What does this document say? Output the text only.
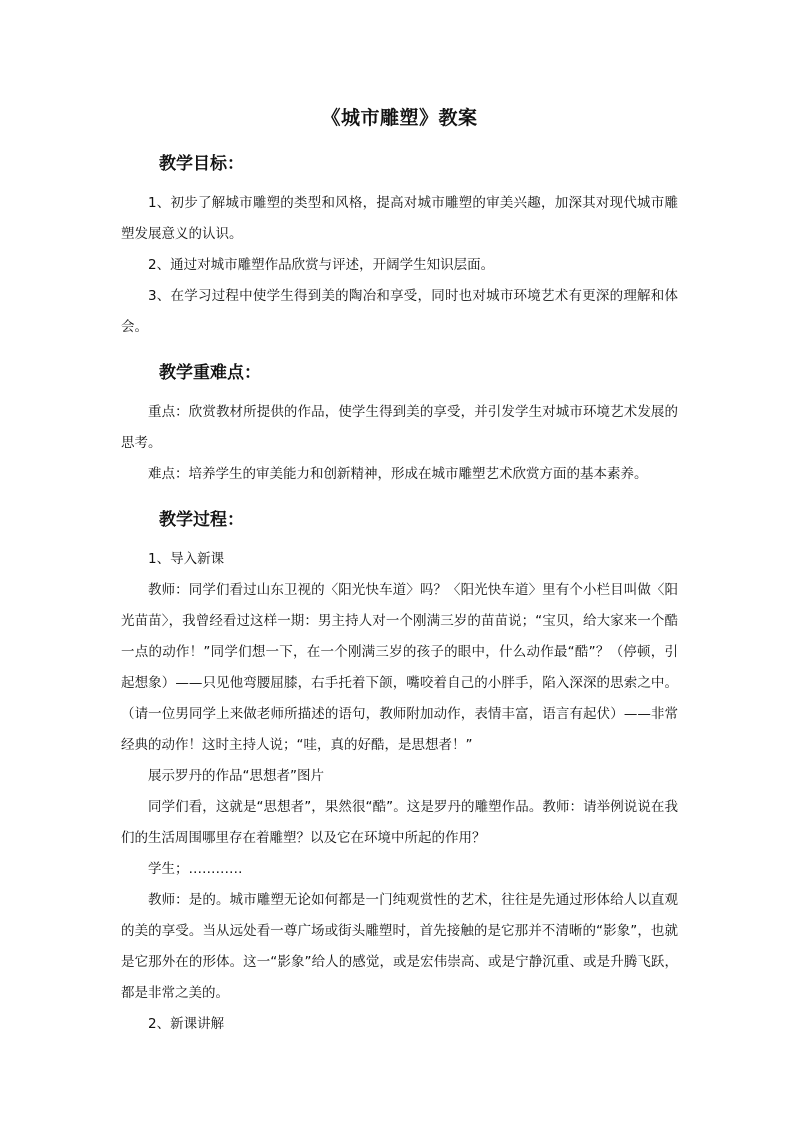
《城市雕塑》教案
教学目标：

1、初步了解城市雕塑的类型和风格，提高对城市雕塑的审美兴趣，加深其对现代城市雕塑发展意义的认识。

2、通过对城市雕塑作品欣赏与评述，开阔学生知识层面。

3、在学习过程中使学生得到美的陶冶和享受，同时也对城市环境艺术有更深的理解和体会。

教学重难点：

重点：欣赏教材所提供的作品，使学生得到美的享受，并引发学生对城市环境艺术发展的思考。

难点：培养学生的审美能力和创新精神，形成在城市雕塑艺术欣赏方面的基本素养。

教学过程：

1、导入新课

教师：同学们看过山东卫视的〈阳光快车道〉吗？〈阳光快车道〉里有个小栏目叫做〈阳光苗苗〉，我曾经看过这样一期：男主持人对一个刚满三岁的苗苗说；“宝贝，给大家来一个酷一点的动作！”同学们想一下，在一个刚满三岁的孩子的眼中，什么动作最“酷”？（停顿，引起想象）——只见他弯腰屈膝，右手托着下颌，嘴咬着自己的小胖手，陷入深深的思索之中。（请一位男同学上来做老师所描述的语句，教师附加动作，表情丰富，语言有起伏）——非常经典的动作！这时主持人说；“哇，真的好酷，是思想者！”

展示罗丹的作品“思想者”图片

同学们看，这就是“思想者”，果然很“酷”。这是罗丹的雕塑作品。教师：请举例说说在我们的生活周围哪里存在着雕塑？以及它在环境中所起的作用？

学生；…………

教师：是的。城市雕塑无论如何都是一门纯观赏性的艺术，往往是先通过形体给人以直观的美的享受。当从远处看一尊广场或街头雕塑时，首先接触的是它那并不清晰的“影象”，也就是它那外在的形体。这一“影象”给人的感觉，或是宏伟崇高、或是宁静沉重、或是升腾飞跃，都是非常之美的。

2、新课讲解
